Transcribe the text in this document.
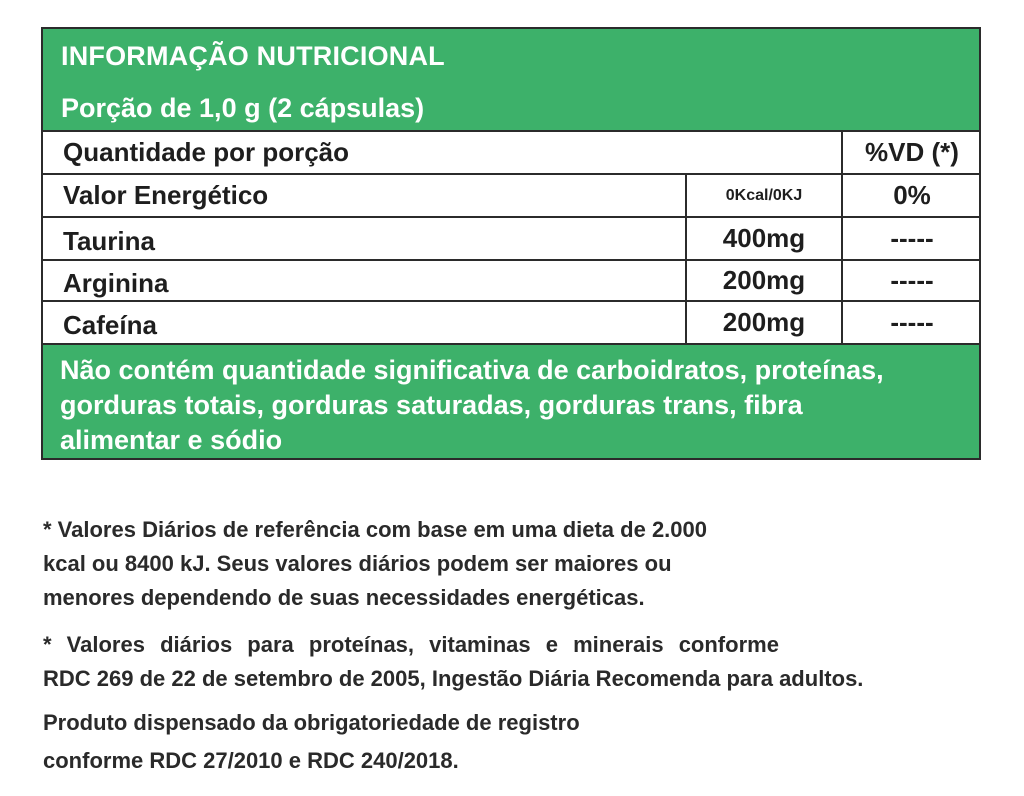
INFORMAÇÃO NUTRICIONAL
Porção de 1,0 g (2 cápsulas)
Quantidade por porção	%VD (*)
Valor Energético	0Kcal/0KJ	0%
Taurina	400mg	-----
Arginina	200mg	-----
Cafeína	200mg	-----
Não contém quantidade significativa de carboidratos, proteínas,
gorduras totais, gorduras saturadas, gorduras trans, fibra
alimentar e sódio
* Valores Diários de referência com base em uma dieta de 2.000
kcal ou 8400 kJ. Seus valores diários podem ser maiores ou
menores dependendo de suas necessidades energéticas.
* Valores diários para proteínas, vitaminas e minerais conforme
RDC 269 de 22 de setembro de 2005, Ingestão Diária Recomenda para adultos.
Produto dispensado da obrigatoriedade de registro
conforme RDC 27/2010 e RDC 240/2018.
